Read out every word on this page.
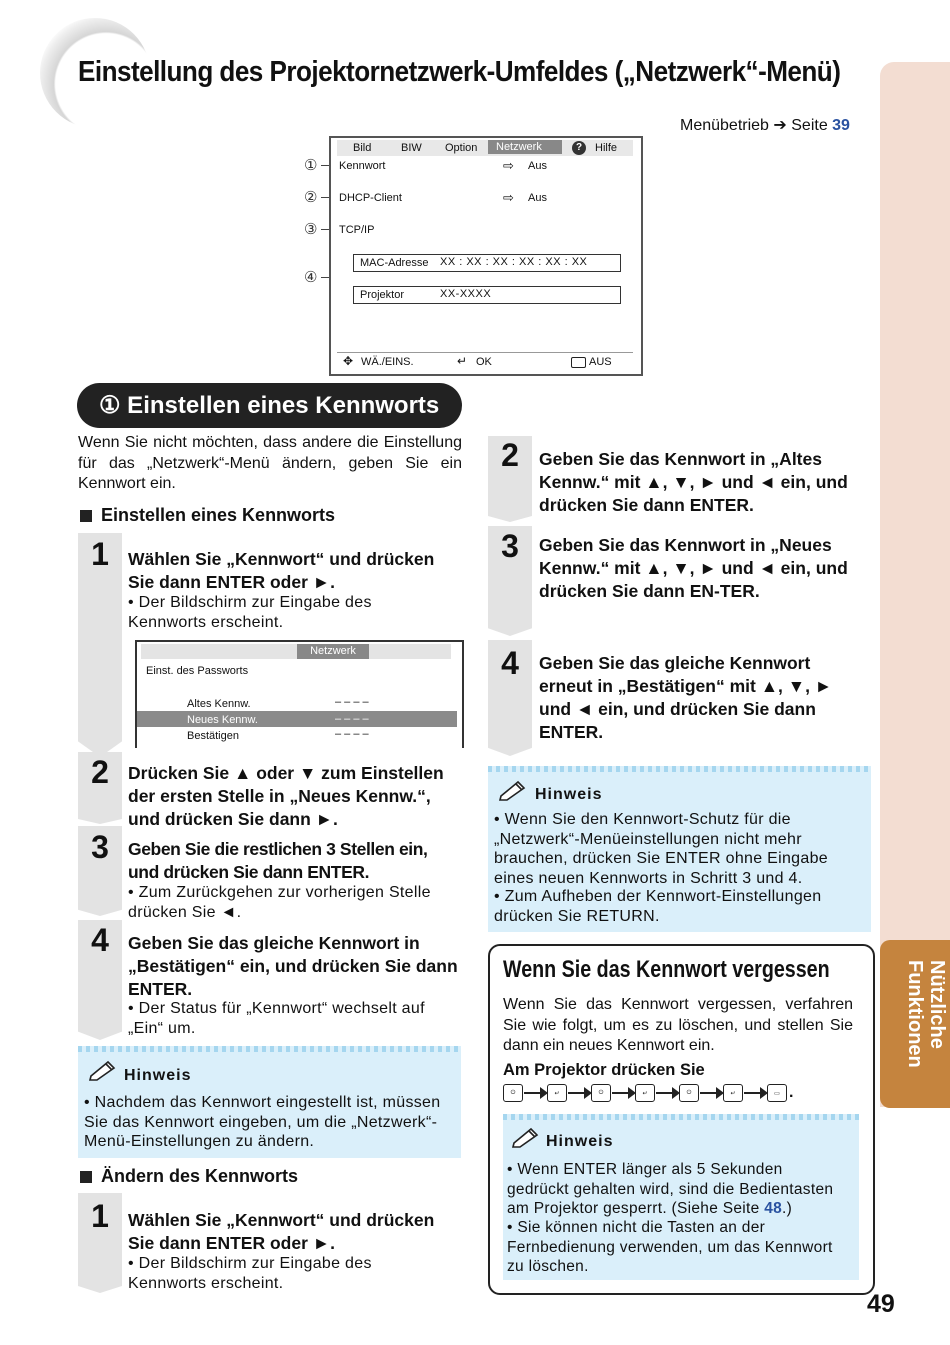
Einstellung des Projektornetzwerk-Umfeldes („Netzwerk“-Menü)
Nützliche Funktionen
Menübetrieb ➔ Seite 39
①
②
③
④
Bild	BIW Option	Netzwerk	?	Hilfe
Kennwort	⇨ Aus
DHCP-Client	⇨ Aus
TCP/IP
MAC-Adresse XX : XX : XX : XX : XX : XX
Projektor	XX-XXXX
✥ WÄ./EINS.	↵ OK	AUS
① Einstellen eines Kennworts
Wenn Sie nicht möchten, dass andere die Einstellung für das „Netzwerk“-Menü ändern, geben Sie ein Kennwort ein.
Einstellen eines Kennworts
1	Wählen Sie „Kennwort“ und drücken Sie dann ENTER oder ►.
• Der Bildschirm zur Eingabe des Kennworts erscheint.
Netzwerk
Einst. des Passworts
Altes Kennw.	– – – –
Neues Kennw.	– – – –
Bestätigen	– – – –
2	Drücken Sie ▲ oder ▼ zum Einstellen der ersten Stelle in „Neues Kennw.“, und drücken Sie dann ►.
3	Geben Sie die restlichen 3 Stellen ein, und drücken Sie dann ENTER.
• Zum Zurückgehen zur vorherigen Stelle drücken Sie ◄.
4	Geben Sie das gleiche Kennwort in „Bestätigen“ ein, und drücken Sie dann ENTER.
• Der Status für „Kennwort“ wechselt auf „Ein“ um.
Hinweis
• Nachdem das Kennwort eingestellt ist, müssen Sie das Kennwort eingeben, um die „Netzwerk“-Menü-Einstellungen zu ändern.
Ändern des Kennworts
1	Wählen Sie „Kennwort“ und drücken Sie dann ENTER oder ►.
• Der Bildschirm zur Eingabe des Kennworts erscheint.
2	Geben Sie das Kennwort in „Altes Kennw.“ mit ▲, ▼, ► und ◄ ein, und drücken Sie dann ENTER.
3	Geben Sie das Kennwort in „Neues Kennw.“ mit ▲, ▼, ► und ◄ ein, und drücken Sie dann EN-TER.
4	Geben Sie das gleiche Kennwort erneut in „Bestätigen“ mit ▲, ▼, ► und ◄ ein, und drücken Sie dann ENTER.
Hinweis
• Wenn Sie den Kennwort-Schutz für die „Netzwerk“-Menüeinstellungen nicht mehr brauchen, drücken Sie ENTER ohne Eingabe eines neuen Kennworts in Schritt 3 und 4.
• Zum Aufheben der Kennwort-Einstellungen drücken Sie RETURN.
Wenn Sie das Kennwort vergessen
Wenn Sie das Kennwort vergessen, verfahren Sie wie folgt, um es zu löschen, und stellen Sie dann ein neues Kennwort ein.
Am Projektor drücken Sie
⏻	↵	⏻	↵	⏻	↵	▭ .
Hinweis
• Wenn ENTER länger als 5 Sekunden gedrückt gehalten wird, sind die Bedientasten am Projektor gesperrt. (Siehe Seite 48.)
• Sie können nicht die Tasten an der Fernbedienung verwenden, um das Kennwort zu löschen.
49
